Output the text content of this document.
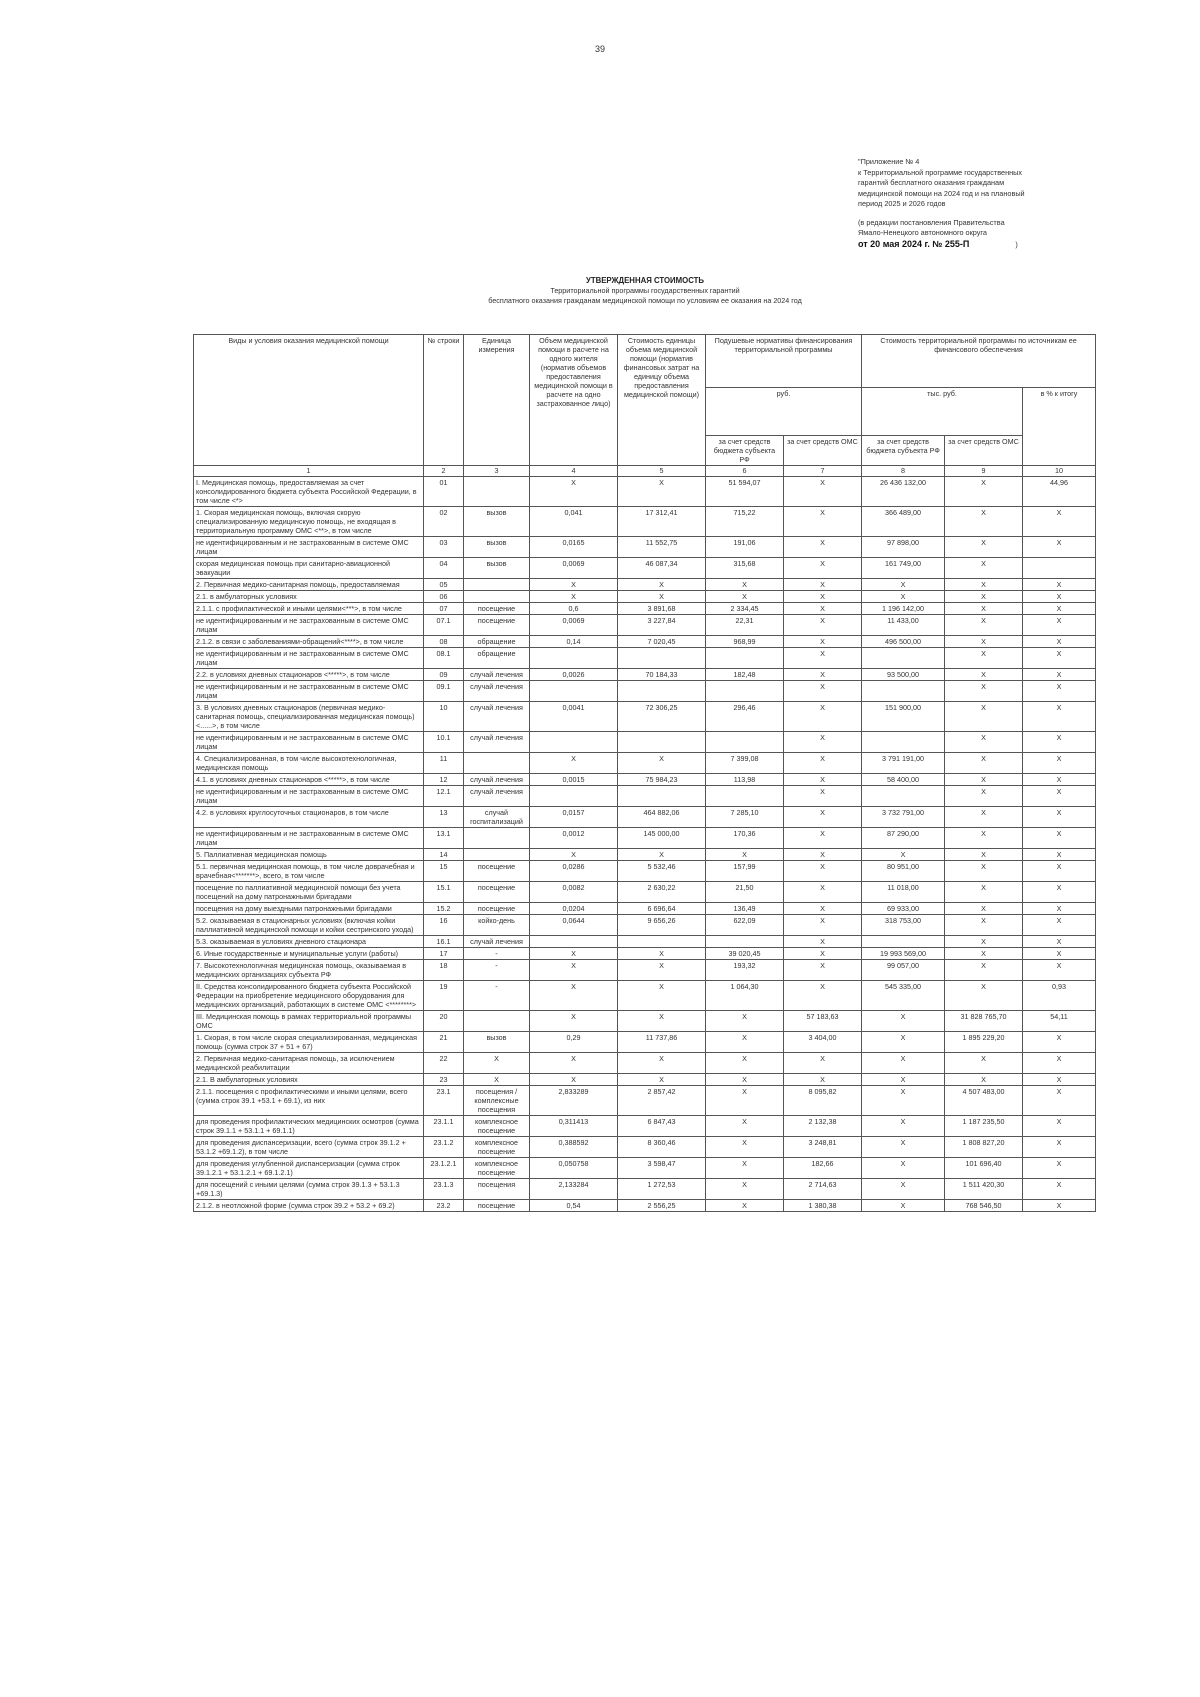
39
"Приложение № 4
к Территориальной программе государственных
гарантий бесплатного оказания гражданам
медицинской помощи на 2024 год и на плановый
период 2025 и 2026 годов
(в редакции постановления Правительства
Ямало-Ненецкого автономного округа
от 20 мая 2024 г. № 255-П	)
УТВЕРЖДЕННАЯ СТОИМОСТЬ
Территориальной программы государственных гарантий
бесплатного оказания гражданам медицинской помощи по условиям ее оказания на 2024 год
Виды и условия оказания медицинской помощи	№ строки	Единица измерения	Объем медицинской помощи в расчете на одного жителя (норматив объемов предоставления медицинской помощи в расчете на одно застрахованное лицо)	Стоимость единицы объема медицинской помощи (норматив финансовых затрат на единицу объема предоставления медицинской помощи)	Подушевые нормативы финансирования территориальной программы		Стоимость территориальной программы по источникам ее финансового обеспечения		
					руб.		тыс. руб.		в % к итогу
					за счет средств бюджета субъекта РФ	за счет средств ОМС	за счет средств бюджета субъекта РФ	за счет средств ОМС	
1	2	3	4	5	6	7	8	9	10
I. Медицинская помощь, предоставляемая за счет консолидированного бюджета субъекта Российской Федерации, в том числе <*>	01		Х	Х	51 594,07	Х	26 436 132,00	Х	44,96
1. Скорая медицинская помощь, включая скорую специализированную медицинскую помощь, не входящая в территориальную программу ОМС <**>, в том числе	02	вызов	0,041	17 312,41	715,22	Х	366 489,00	Х	Х
не идентифицированным и не застрахованным в системе ОМС лицам	03	вызов	0,0165	11 552,75	191,06	Х	97 898,00	Х	Х
скорая медицинская помощь при санитарно-авиационной эвакуации	04	вызов	0,0069	46 087,34	315,68	Х	161 749,00	Х	
2. Первичная медико-санитарная помощь, предоставляемая	05		Х	Х	Х	Х	Х	Х	Х
2.1. в амбулаторных условиях	06		Х	Х	Х	Х	Х	Х	Х
2.1.1. с профилактической и иными целями<***>, в том числе	07	посещение	0,6	3 891,68	2 334,45	Х	1 196 142,00	Х	Х
не идентифицированным и не застрахованным в системе ОМС лицам	07.1	посещение	0,0069	3 227,84	22,31	Х	11 433,00	Х	Х
2.1.2. в связи с заболеваниями-обращений<****>, в том числе	08	обращение	0,14	7 020,45	968,99	Х	496 500,00	Х	Х
не идентифицированным и не застрахованным в системе ОМС лицам	08.1	обращение				Х		Х	Х
2.2. в условиях дневных стационаров <*****>, в том числе	09	случай лечения	0,0026	70 184,33	182,48	Х	93 500,00	Х	Х
не идентифицированным и не застрахованным в системе ОМС лицам	09.1	случай лечения				Х		Х	Х
3. В условиях дневных стационаров (первичная медико-санитарная помощь, специализированная медицинская помощь)<......>, в том числе	10	случай лечения	0,0041	72 306,25	296,46	Х	151 900,00	Х	Х
не идентифицированным и не застрахованным в системе ОМС лицам	10.1	случай лечения				Х		Х	Х
4. Специализированная, в том числе высокотехнологичная, медицинская помощь	11		Х	Х	7 399,08	Х	3 791 191,00	Х	Х
4.1. в условиях дневных стационаров <*****>, в том числе	12	случай лечения	0,0015	75 984,23	113,98	Х	58 400,00	Х	Х
не идентифицированным и не застрахованным в системе ОМС лицам	12.1	случай лечения				Х		Х	Х
4.2. в условиях круглосуточных стационаров, в том числе	13	случай госпитализаций	0,0157	464 882,06	7 285,10	Х	3 732 791,00	Х	Х
не идентифицированным и не застрахованным в системе ОМС лицам	13.1		0,0012	145 000,00	170,36	Х	87 290,00	Х	Х
5. Паллиативная медицинская помощь	14		Х	Х	Х	Х	Х	Х	Х
5.1. первичная медицинская помощь, в том числе доврачебная и врачебная<*******>, всего, в том числе	15	посещение	0,0286	5 532,46	157,99	Х	80 951,00	Х	Х
посещение по паллиативной медицинской помощи без учета посещений на дому патронажными бригадами	15.1	посещение	0,0082	2 630,22	21,50	Х	11 018,00	Х	Х
посещения на дому выездными патронажными бригадами	15.2	посещение	0,0204	6 696,64	136,49	Х	69 933,00	Х	Х
5.2. оказываемая в стационарных условиях (включая койки паллиативной медицинской помощи и койки сестринского ухода)	16	койко-день	0,0644	9 656,26	622,09	Х	318 753,00	Х	Х
5.3. оказываемая в условиях дневного стационара	16.1	случай лечения				Х		Х	Х
6. Иные государственные и муниципальные услуги (работы)	17	-	Х	Х	39 020,45	Х	19 993 569,00	Х	Х
7. Высокотехнологичная медицинская помощь, оказываемая в медицинских организациях субъекта РФ	18	-	Х	Х	193,32	Х	99 057,00	Х	Х
II. Средства консолидированного бюджета субъекта Российской Федерации на приобретение медицинского оборудования для медицинских организаций, работающих в системе ОМС <********>	19	-	Х	Х	1 064,30	Х	545 335,00	Х	0,93
III. Медицинская помощь в рамках территориальной программы ОМС	20		Х	Х	Х	57 183,63	Х	31 828 765,70	54,11
1. Скорая, в том числе скорая специализированная, медицинская помощь (сумма строк 37 + 51 + 67)	21	вызов	0,29	11 737,86	Х	3 404,00	Х	1 895 229,20	Х
2. Первичная медико-санитарная помощь, за исключением медицинской реабилитации	22	Х	Х	Х	Х	Х	Х	Х	Х
2.1. В амбулаторных условиях	23	Х	Х	Х	Х	Х	Х	Х	Х
2.1.1. посещения с профилактическими и иными целями, всего (сумма строк 39.1 +53.1 + 69.1), из них	23.1	посещения / комплексные посещения	2,833289	2 857,42	Х	8 095,82	Х	4 507 483,00	Х
для проведения профилактических медицинских осмотров (сумма строк 39.1.1 + 53.1.1 + 69.1.1)	23.1.1	комплексное посещение	0,311413	6 847,43	Х	2 132,38	Х	1 187 235,50	Х
для проведения диспансеризации, всего (сумма строк 39.1.2 + 53.1.2 +69.1.2), в том числе	23.1.2	комплексное посещение	0,388592	8 360,46	Х	3 248,81	Х	1 808 827,20	Х
для проведения углубленной диспансеризации (сумма строк 39.1.2.1 + 53.1.2.1 + 69.1.2.1)	23.1.2.1	комплексное посещение	0,050758	3 598,47	Х	182,66	Х	101 696,40	Х
для посещений с иными целями (сумма строк 39.1.3 + 53.1.3 +69.1.3)	23.1.3	посещения	2,133284	1 272,53	Х	2 714,63	Х	1 511 420,30	Х
2.1.2. в неотложной форме (сумма строк 39.2 + 53.2 + 69.2)	23.2	посещение	0,54	2 556,25	Х	1 380,38	Х	768 546,50	Х
